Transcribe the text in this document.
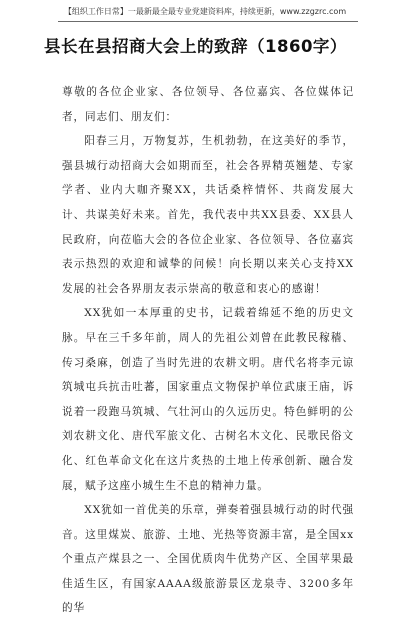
【组织工作日常】一最新最全最专业党建资料库，持续更新，www.zzgzrc.com
县长在县招商大会上的致辞（1860字）

尊敬的各位企业家、各位领导、各位嘉宾、各位媒体记者，同志们、朋友们：

阳春三月，万物复苏，生机勃勃，在这美好的季节，强县城行动招商大会如期而至，社会各界精英翘楚、专家学者、业内大咖齐聚XX，共话桑梓情怀、共商发展大计、共谋美好未来。首先，我代表中共XX县委、XX县人民政府，向莅临大会的各位企业家、各位领导、各位嘉宾表示热烈的欢迎和诚挚的问候！向长期以来关心支持XX发展的社会各界朋友表示崇高的敬意和衷心的感谢！

XX犹如一本厚重的史书，记载着绵延不绝的历史文脉。早在三千多年前，周人的先祖公刘曾在此教民稼穑、传习桑麻，创造了当时先进的农耕文明。唐代名将李元谅筑城屯兵抗击吐蕃，国家重点文物保护单位武康王庙，诉说着一段跑马筑城、气壮河山的久远历史。特色鲜明的公刘农耕文化、唐代军旅文化、古树名木文化、民歌民俗文化、红色革命文化在这片炙热的土地上传承创新、融合发展，赋予这座小城生生不息的精神力量。

XX犹如一首优美的乐章，弹奏着强县城行动的时代强音。这里煤炭、旅游、土地、光热等资源丰富，是全国xx个重点产煤县之一、全国优质肉牛优势产区、全国苹果最佳适生区，有国家AAAA级旅游景区龙泉寺、3200多年的华
